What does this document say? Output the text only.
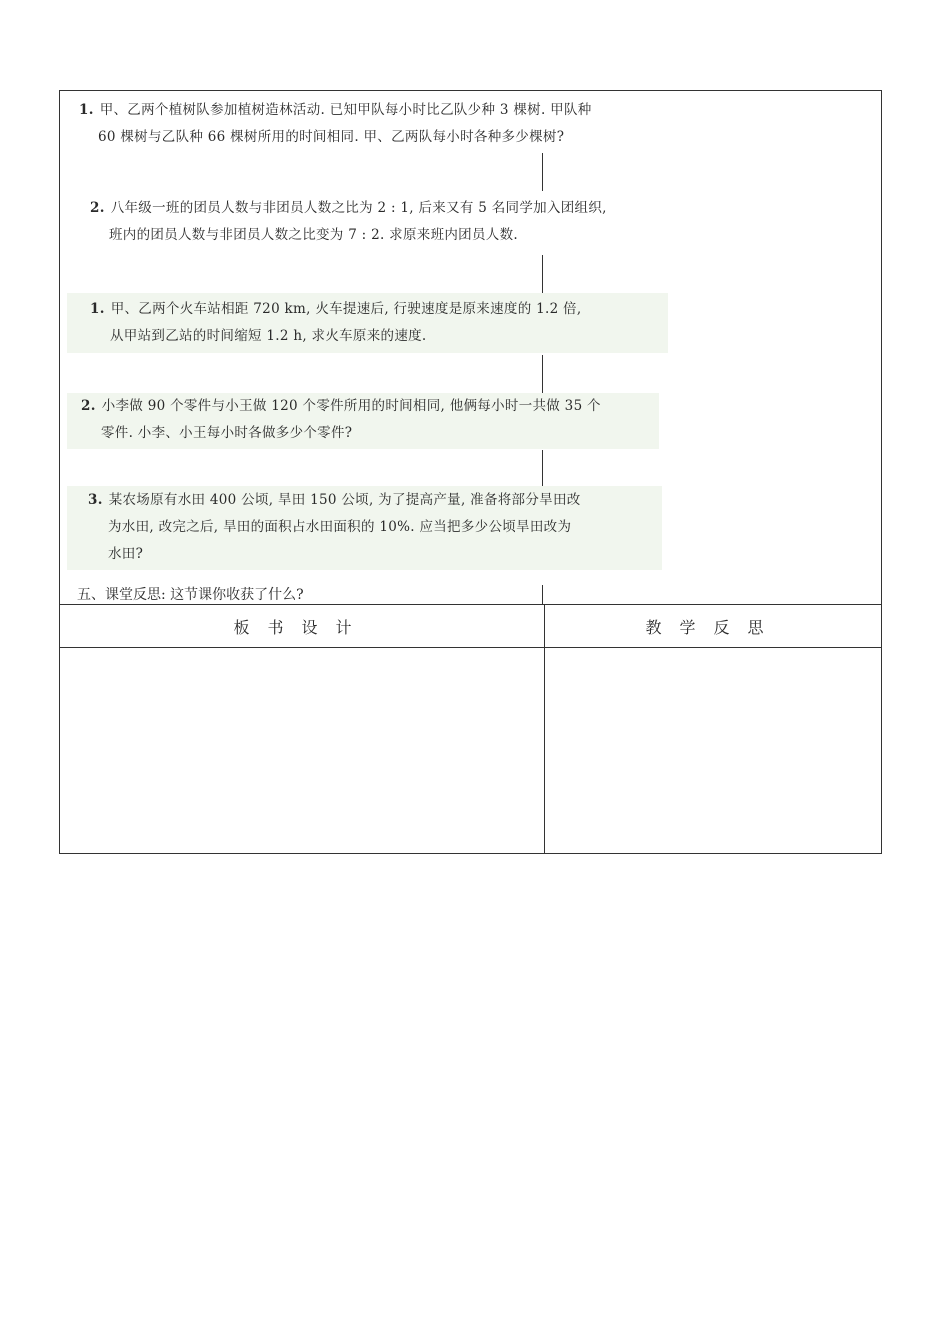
1. 甲、乙两个植树队参加植树造林活动. 已知甲队每小时比乙队少种 3 棵树. 甲队种
60 棵树与乙队种 66 棵树所用的时间相同. 甲、乙两队每小时各种多少棵树?
2. 八年级一班的团员人数与非团员人数之比为 2 : 1, 后来又有 5 名同学加入团组织,
班内的团员人数与非团员人数之比变为 7 : 2. 求原来班内团员人数.
1. 甲、乙两个火车站相距 720 km, 火车提速后, 行驶速度是原来速度的 1.2 倍,
从甲站到乙站的时间缩短 1.2 h, 求火车原来的速度.
2. 小李做 90 个零件与小王做 120 个零件所用的时间相同, 他俩每小时一共做 35 个
零件. 小李、小王每小时各做多少个零件?
3. 某农场原有水田 400 公顷, 旱田 150 公顷, 为了提高产量, 准备将部分旱田改
为水田, 改完之后, 旱田的面积占水田面积的 10%. 应当把多少公顷旱田改为
水田?
五、课堂反思: 这节课你收获了什么?
板书设计	教学反思
